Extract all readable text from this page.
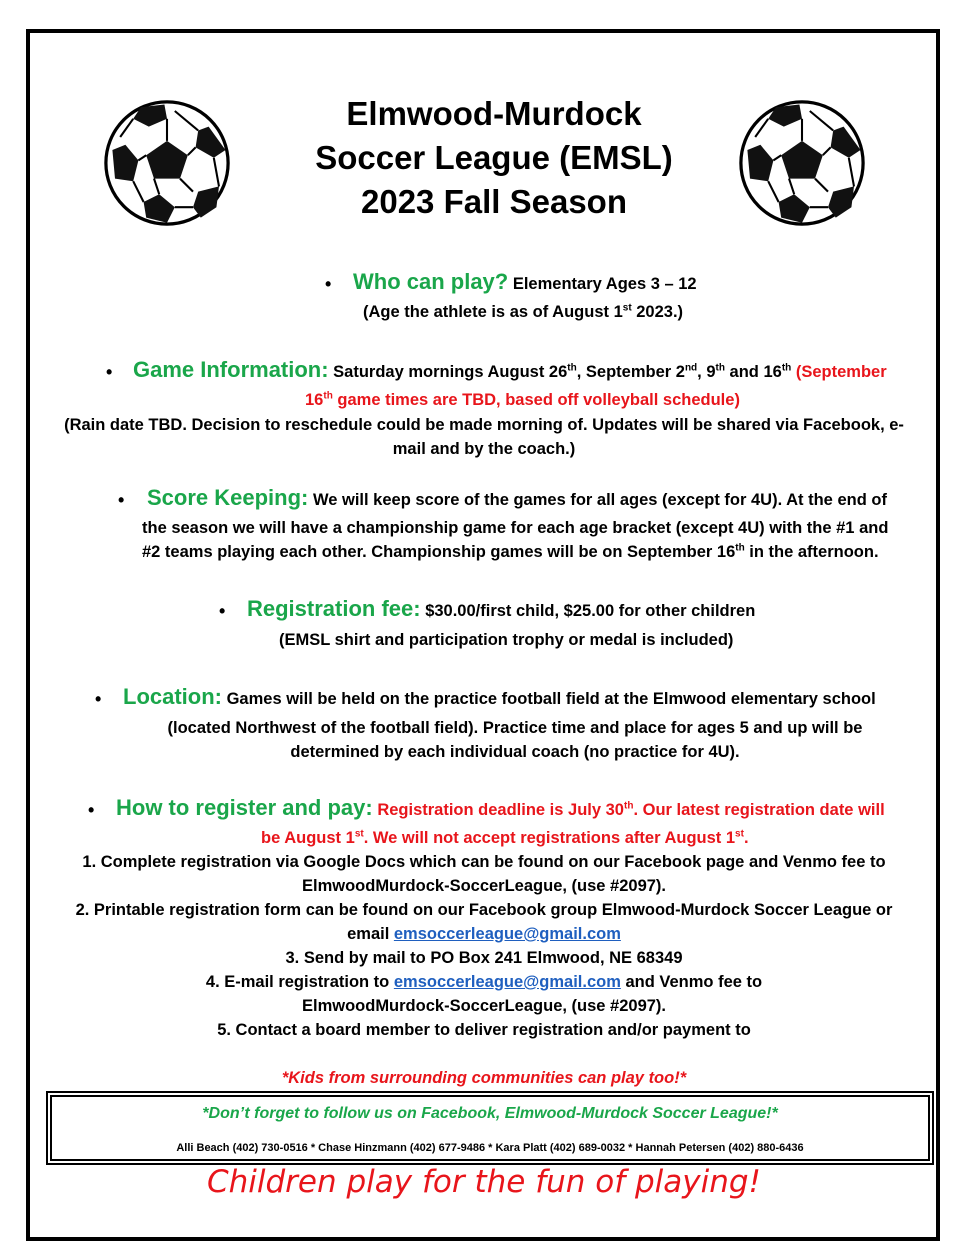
Elmwood-Murdock
Soccer League (EMSL)
2023 Fall Season
• Who can play? Elementary Ages 3 – 12
(Age the athlete is as of August 1st 2023.)
• Game Information: Saturday mornings August 26th, September 2nd, 9th and 16th (September
16th game times are TBD, based off volleyball schedule)
(Rain date TBD. Decision to reschedule could be made morning of. Updates will be shared via Facebook, e-
mail and by the coach.)
• Score Keeping: We will keep score of the games for all ages (except for 4U). At the end of
the season we will have a championship game for each age bracket (except 4U) with the #1 and
#2 teams playing each other. Championship games will be on September 16th in the afternoon.
• Registration fee: $30.00/first child, $25.00 for other children
(EMSL shirt and participation trophy or medal is included)
• Location: Games will be held on the practice football field at the Elmwood elementary school
(located Northwest of the football field). Practice time and place for ages 5 and up will be
determined by each individual coach (no practice for 4U).
• How to register and pay: Registration deadline is July 30th. Our latest registration date will
be August 1st. We will not accept registrations after August 1st.
1. Complete registration via Google Docs which can be found on our Facebook page and Venmo fee to
ElmwoodMurdock-SoccerLeague, (use #2097).
2. Printable registration form can be found on our Facebook group Elmwood-Murdock Soccer League or
email emsoccerleague@gmail.com
3. Send by mail to PO Box 241 Elmwood, NE 68349
4. E-mail registration to emsoccerleague@gmail.com and Venmo fee to
ElmwoodMurdock-SoccerLeague, (use #2097).
5. Contact a board member to deliver registration and/or payment to
*Kids from surrounding communities can play too!*
*Don’t forget to follow us on Facebook, Elmwood-Murdock Soccer League!*
Alli Beach (402) 730-0516 * Chase Hinzmann (402) 677-9486 * Kara Platt (402) 689-0032 * Hannah Petersen (402) 880-6436
Children play for the fun of playing!
